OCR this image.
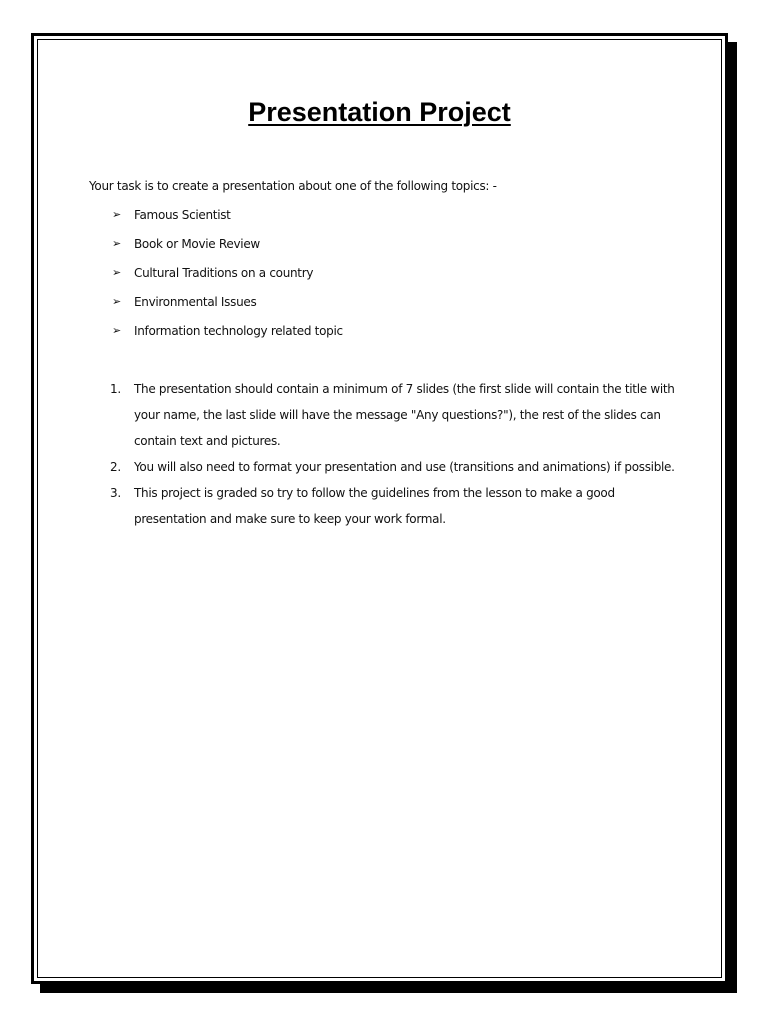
Presentation Project

Your task is to create a presentation about one of the following topics: -

➢ Famous Scientist
➢ Book or Movie Review
➢ Cultural Traditions on a country
➢ Environmental Issues
➢ Information technology related topic
1. The presentation should contain a minimum of 7 slides (the first slide will contain the title with your name, the last slide will have the message "Any questions?"), the rest of the slides can contain text and pictures.
2. You will also need to format your presentation and use (transitions and animations) if possible.
3. This project is graded so try to follow the guidelines from the lesson to make a good presentation and make sure to keep your work formal.
